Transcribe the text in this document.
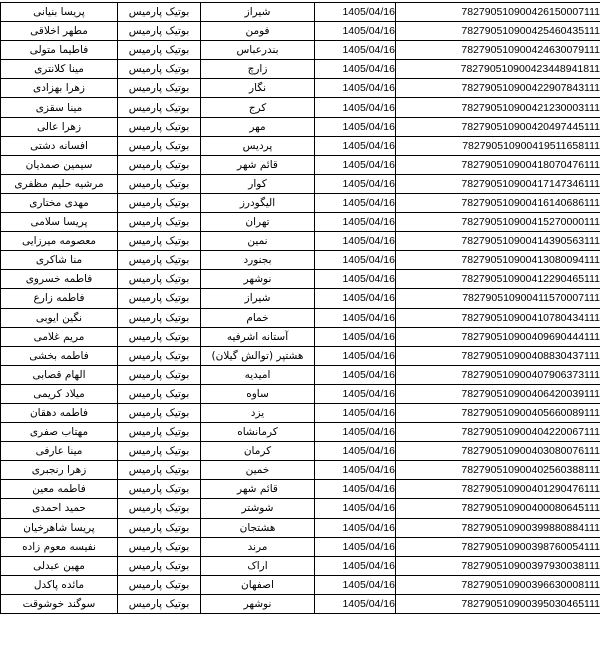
پریسا بنیانی	بوتیک پارمیس	شیراز	1405/04/16	782790510900426150007111
مطهر اخلاقی	بوتیک پارمیس	فومن	1405/04/16	782790510900425460435111
فاطیما متولی	بوتیک پارمیس	بندرعباس	1405/04/16	782790510900424630079111
مینا کلانتری	بوتیک پارمیس	زارچ	1405/04/16	782790510900423448941811
زهرا بهزادی	بوتیک پارمیس	نگار	1405/04/16	782790510900422907843111
مینا سقزی	بوتیک پارمیس	کرج	1405/04/16	782790510900421230003111
زهرا عالی	بوتیک پارمیس	مهر	1405/04/16	782790510900420497445111
افسانه دشتی	بوتیک پارمیس	پردیس	1405/04/16	782790510900419511658111
سیمین صمدیان	بوتیک پارمیس	قائم شهر	1405/04/16	782790510900418070476111
مرشیه حلیم مظفری	بوتیک پارمیس	کوار	1405/04/16	782790510900417147346111
مهدی مختاری	بوتیک پارمیس	الیگودرز	1405/04/16	782790510900416140686111
پریسا سلامی	بوتیک پارمیس	تهران	1405/04/16	782790510900415270000111
معصومه میرزایی	بوتیک پارمیس	نمین	1405/04/16	782790510900414390563111
منا شاکری	بوتیک پارمیس	بجنورد	1405/04/16	782790510900413080094111
فاطمه خسروی	بوتیک پارمیس	نوشهر	1405/04/16	782790510900412290465111
فاطمه زارع	بوتیک پارمیس	شیراز	1405/04/16	782790510900411570007111
نگین ایوبی	بوتیک پارمیس	خمام	1405/04/16	782790510900410780434111
مریم غلامی	بوتیک پارمیس	آستانه اشرفیه	1405/04/16	782790510900409690444111
فاطمه بخشی	بوتیک پارمیس	هشتپر (توالش گیلان)	1405/04/16	782790510900408830437111
الهام قصابی	بوتیک پارمیس	امیدیه	1405/04/16	782790510900407906373111
میلاد کریمی	بوتیک پارمیس	ساوه	1405/04/16	782790510900406420039111
فاطمه دهقان	بوتیک پارمیس	یزد	1405/04/16	782790510900405660089111
مهتاب صفری	بوتیک پارمیس	کرمانشاه	1405/04/16	782790510900404220067111
مینا عارفی	بوتیک پارمیس	کرمان	1405/04/16	782790510900403080076111
زهرا رنجبری	بوتیک پارمیس	خمین	1405/04/16	782790510900402560388111
فاطمه معین	بوتیک پارمیس	قائم شهر	1405/04/16	782790510900401290476111
حمید احمدی	بوتیک پارمیس	شوشتر	1405/04/16	782790510900400080645111
پریسا شاهرخیان	بوتیک پارمیس	هشتجان	1405/04/16	782790510900399880884111
نفیسه معوم زاده	بوتیک پارمیس	مرند	1405/04/16	782790510900398760054111
مهین عبدلی	بوتیک پارمیس	اراک	1405/04/16	782790510900397930038111
مائده پاکدل	بوتیک پارمیس	اصفهان	1405/04/16	782790510900396630008111
سوگند خوشوقت	بوتیک پارمیس	نوشهر	1405/04/16	782790510900395030465111
